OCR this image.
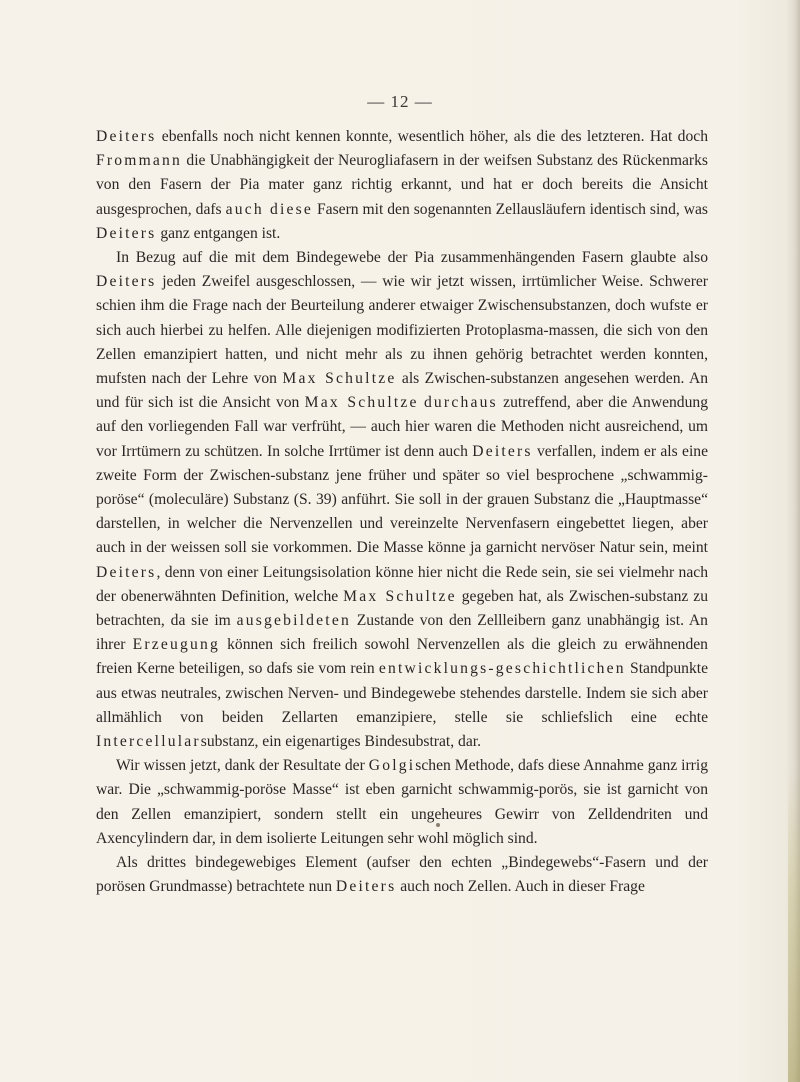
— 12 —

Deiters ebenfalls noch nicht kennen konnte, wesentlich höher, als die des letzteren. Hat doch Frommann die Unabhängigkeit der Neurogliafasern in der weifsen Substanz des Rückenmarks von den Fasern der Pia mater ganz richtig erkannt, und hat er doch bereits die Ansicht ausgesprochen, dafs auch diese Fasern mit den sogenannten Zellausläufern identisch sind, was Deiters ganz entgangen ist.

In Bezug auf die mit dem Bindegewebe der Pia zusammenhängenden Fasern glaubte also Deiters jeden Zweifel ausgeschlossen, — wie wir jetzt wissen, irrtümlicher Weise. Schwerer schien ihm die Frage nach der Beurteilung anderer etwaiger Zwischensubstanzen, doch wufste er sich auch hierbei zu helfen. Alle diejenigen modifizierten Protoplasma-massen, die sich von den Zellen emanzipiert hatten, und nicht mehr als zu ihnen gehörig betrachtet werden konnten, mufsten nach der Lehre von Max Schultze als Zwischen-substanzen angesehen werden. An und für sich ist die Ansicht von Max Schultze durchaus zutreffend, aber die Anwendung auf den vorliegenden Fall war verfrüht, — auch hier waren die Methoden nicht ausreichend, um vor Irrtümern zu schützen. In solche Irrtümer ist denn auch Deiters verfallen, indem er als eine zweite Form der Zwischen-substanz jene früher und später so viel besprochene „schwammig-poröse“ (moleculäre) Substanz (S. 39) anführt. Sie soll in der grauen Substanz die „Hauptmasse“ darstellen, in welcher die Nervenzellen und vereinzelte Nervenfasern eingebettet liegen, aber auch in der weissen soll sie vorkommen. Die Masse könne ja garnicht nervöser Natur sein, meint Deiters, denn von einer Leitungsisolation könne hier nicht die Rede sein, sie sei vielmehr nach der obenerwähnten Definition, welche Max Schultze gegeben hat, als Zwischen-substanz zu betrachten, da sie im ausgebildeten Zustande von den Zellleibern ganz unabhängig ist. An ihrer Erzeugung können sich freilich sowohl Nervenzellen als die gleich zu erwähnenden freien Kerne beteiligen, so dafs sie vom rein entwicklungs-geschichtlichen Standpunkte aus etwas neutrales, zwischen Nerven- und Bindegewebe stehendes darstelle. Indem sie sich aber allmählich von beiden Zellarten emanzipiere, stelle sie schliefslich eine echte Intercellularsubstanz, ein eigenartiges Bindesubstrat, dar.

Wir wissen jetzt, dank der Resultate der Golgischen Methode, dafs diese Annahme ganz irrig war. Die „schwammig-poröse Masse“ ist eben garnicht schwammig-porös, sie ist garnicht von den Zellen emanzipiert, sondern stellt ein ungeheures Gewirr von Zelldendriten und Axencylindern dar, in dem isolierte Leitungen sehr wohl möglich sind.

Als drittes bindegewebiges Element (aufser den echten „Bindegewebs“-Fasern und der porösen Grundmasse) betrachtete nun Deiters auch noch Zellen. Auch in dieser Frage
